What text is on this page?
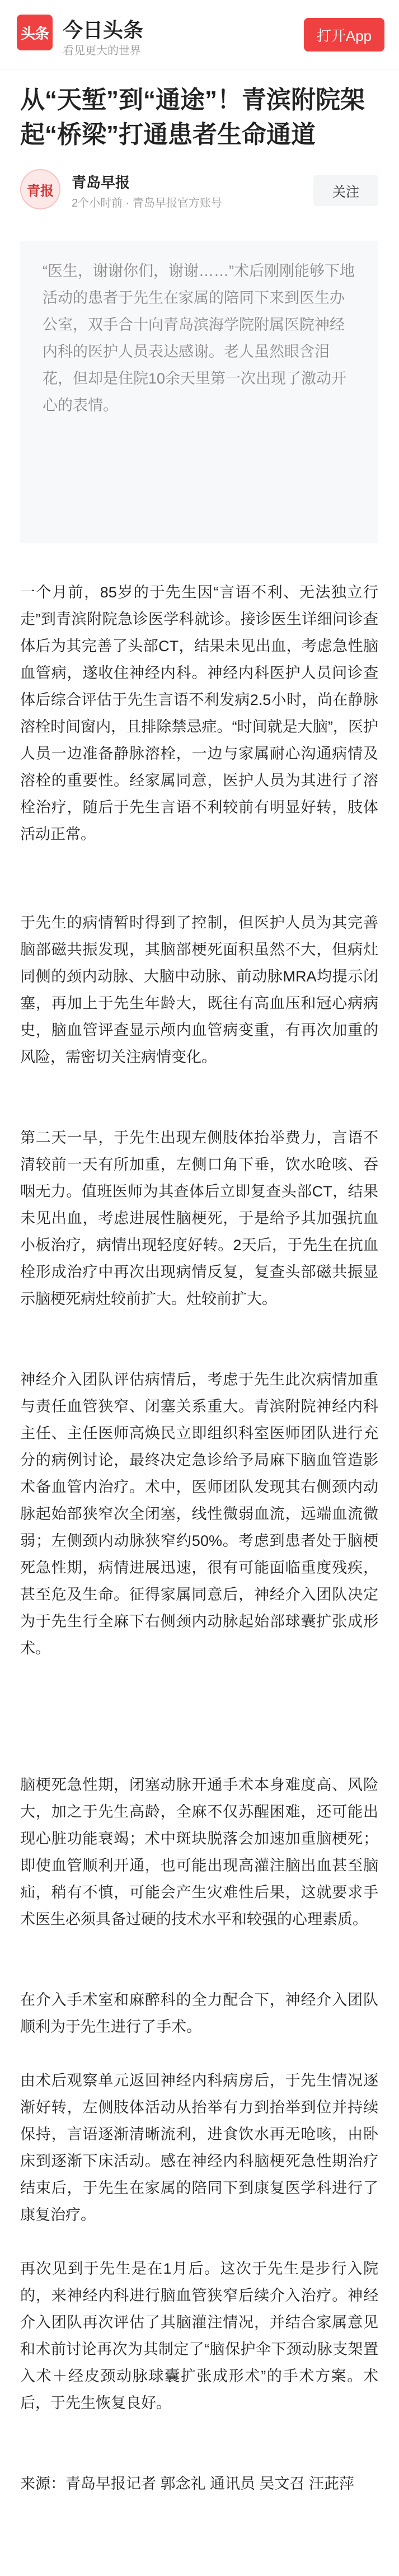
头条 今日头条
看见更大的世界
打开App
从“天堑”到“通途”！青滨附院架起“桥梁”打通患者生命通道
青报	青岛早报
2个小时前 · 青岛早报官方账号
关注

“医生，谢谢你们，谢谢……”术后刚刚能够下地活动的患者于先生在家属的陪同下来到医生办公室，双手合十向青岛滨海学院附属医院神经内科的医护人员表达感谢。老人虽然眼含泪花，但却是住院10余天里第一次出现了激动开心的表情。

一个月前，85岁的于先生因“言语不利、无法独立行走”到青滨附院急诊医学科就诊。接诊医生详细问诊查体后为其完善了头部CT，结果未见出血，考虑急性脑血管病，遂收住神经内科。神经内科医护人员问诊查体后综合评估于先生言语不利发病2.5小时，尚在静脉溶栓时间窗内，且排除禁忌症。“时间就是大脑”，医护人员一边准备静脉溶栓，一边与家属耐心沟通病情及溶栓的重要性。经家属同意，医护人员为其进行了溶栓治疗，随后于先生言语不利较前有明显好转，肢体活动正常。

于先生的病情暂时得到了控制，但医护人员为其完善脑部磁共振发现，其脑部梗死面积虽然不大，但病灶同侧的颈内动脉、大脑中动脉、前动脉MRA均提示闭塞，再加上于先生年龄大，既往有高血压和冠心病病史，脑血管评查显示颅内血管病变重，有再次加重的风险，需密切关注病情变化。

第二天一早，于先生出现左侧肢体抬举费力，言语不清较前一天有所加重，左侧口角下垂，饮水呛咳、吞咽无力。值班医师为其查体后立即复查头部CT，结果未见出血，考虑进展性脑梗死，于是给予其加强抗血小板治疗，病情出现轻度好转。2天后，于先生在抗血栓形成治疗中再次出现病情反复，复查头部磁共振显示脑梗死病灶较前扩大。灶较前扩大。

神经介入团队评估病情后，考虑于先生此次病情加重与责任血管狭窄、闭塞关系重大。青滨附院神经内科主任、主任医师高焕民立即组织科室医师团队进行充分的病例讨论，最终决定急诊给予局麻下脑血管造影术备血管内治疗。术中，医师团队发现其右侧颈内动脉起始部狭窄次全闭塞，线性微弱血流，远端血流微弱；左侧颈内动脉狭窄约50%。考虑到患者处于脑梗死急性期，病情进展迅速，很有可能面临重度残疾，甚至危及生命。征得家属同意后，神经介入团队决定为于先生行全麻下右侧颈内动脉起始部球囊扩张成形术。

脑梗死急性期，闭塞动脉开通手术本身难度高、风险大，加之于先生高龄，全麻不仅苏醒困难，还可能出现心脏功能衰竭；术中斑块脱落会加速加重脑梗死；即使血管顺利开通，也可能出现高灌注脑出血甚至脑疝，稍有不慎，可能会产生灾难性后果，这就要求手术医生必须具备过硬的技术水平和较强的心理素质。

在介入手术室和麻醉科的全力配合下，神经介入团队顺利为于先生进行了手术。

由术后观察单元返回神经内科病房后，于先生情况逐渐好转，左侧肢体活动从抬举有力到抬举到位并持续保持，言语逐渐清晰流利，进食饮水再无呛咳，由卧床到逐渐下床活动。感在神经内科脑梗死急性期治疗结束后，于先生在家属的陪同下到康复医学科进行了康复治疗。

再次见到于先生是在1月后。这次于先生是步行入院的，来神经内科进行脑血管狭窄后续介入治疗。神经介入团队再次评估了其脑灌注情况，并结合家属意见和术前讨论再次为其制定了“脑保护伞下颈动脉支架置入术＋经皮颈动脉球囊扩张成形术”的手术方案。术后，于先生恢复良好。

来源：青岛早报记者 郭念礼 通讯员 吴文召 汪茈萍
